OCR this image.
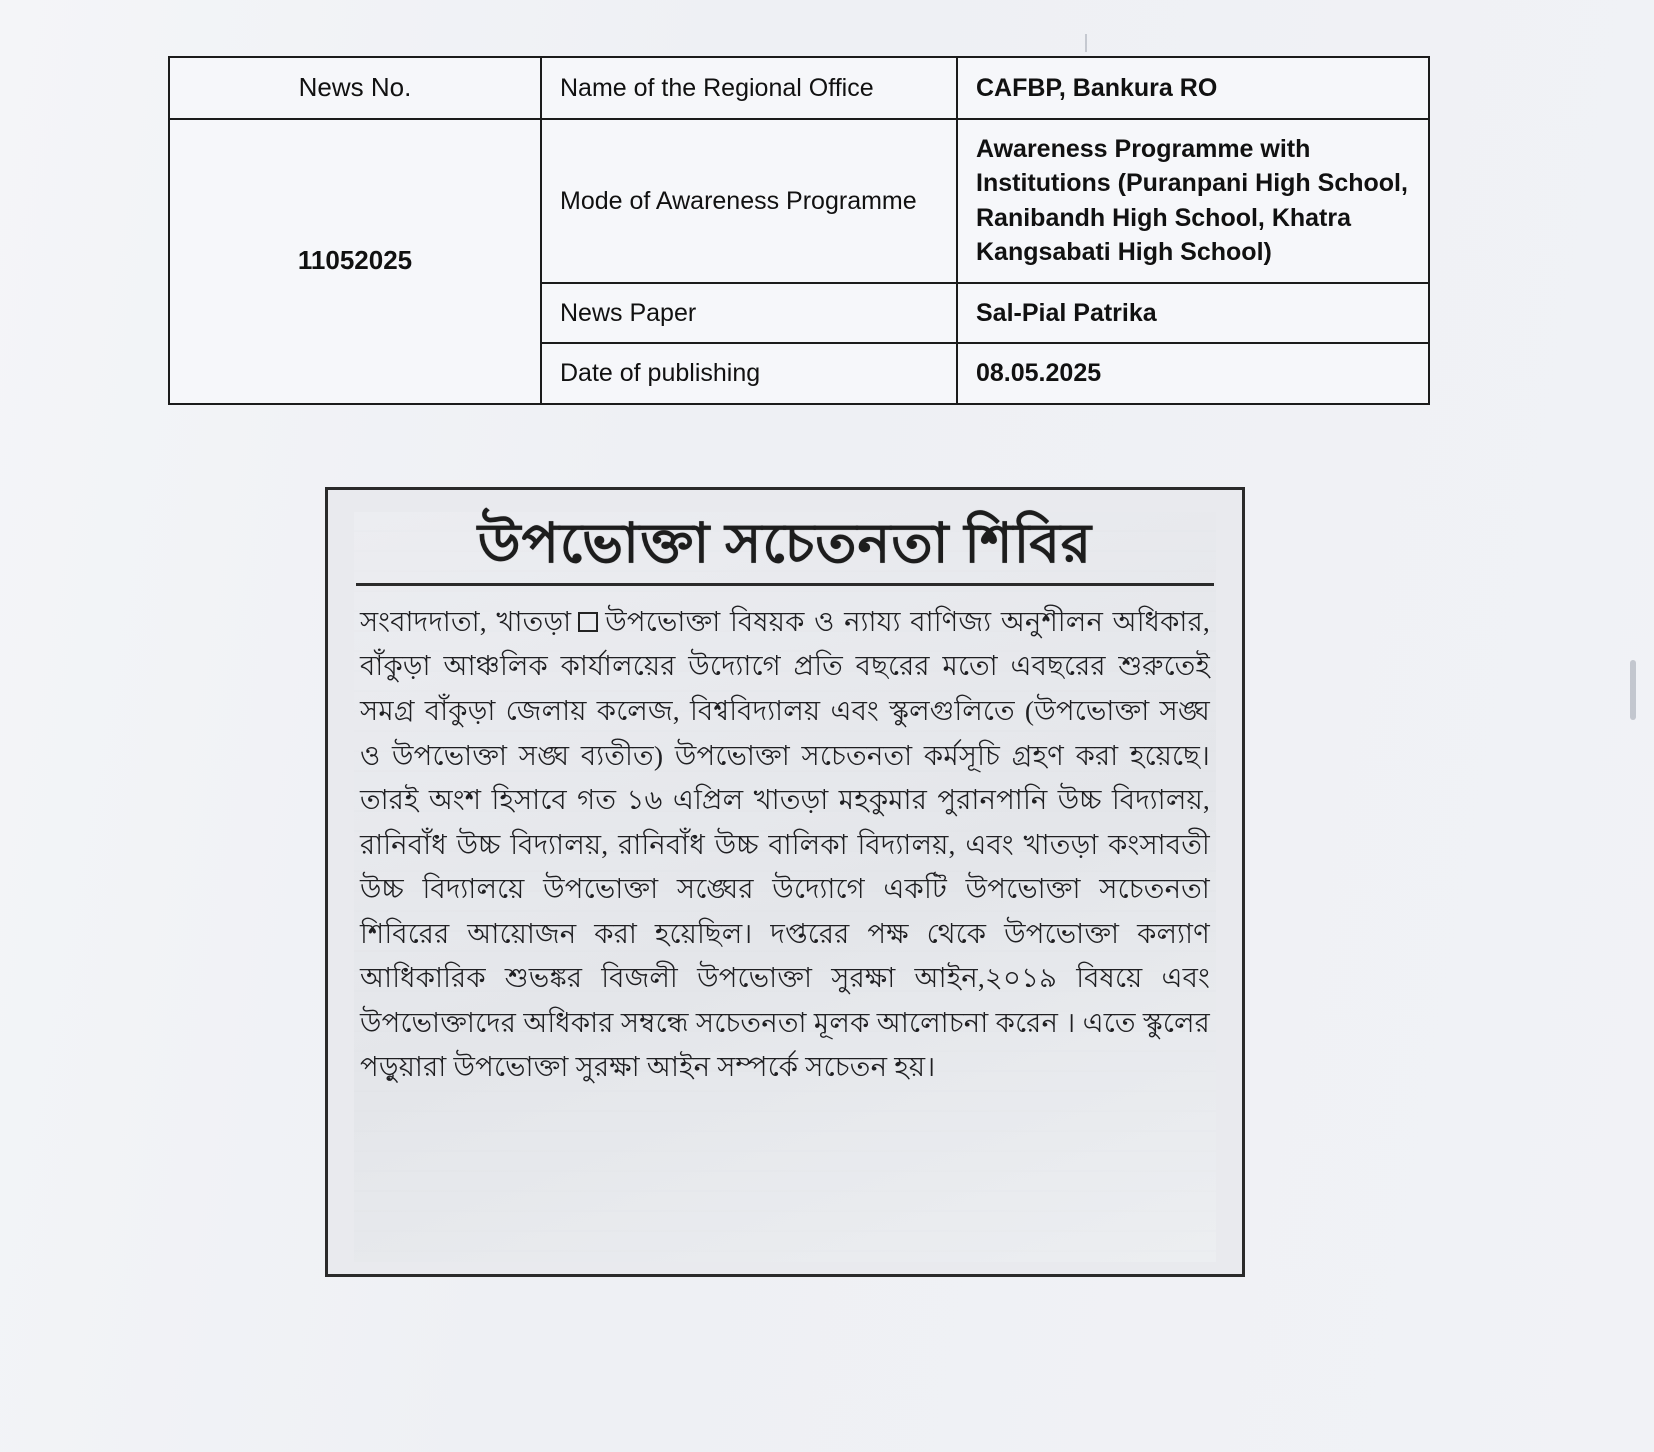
News No.	Name of the Regional Office	CAFBP, Bankura RO
11052025	Mode of Awareness Programme	Awareness Programme with Institutions (Puranpani High School, Ranibandh High School, Khatra Kangsabati High School)
	News Paper	Sal-Pial Patrika
	Date of publishing	08.05.2025
উপভোক্তা সচেতনতা শিবির
সংবাদদাতা, খাতড়া উপভোক্তা বিষয়ক ও ন্যায্য বাণিজ্য অনুশীলন অধিকার, বাঁকুড়া আঞ্চলিক কার্যালয়ের উদ্যোগে প্রতি বছরের মতো এবছরের শুরুতেই সমগ্র বাঁকুড়া জেলায় কলেজ, বিশ্ববিদ্যালয় এবং স্কুলগুলিতে (উপভোক্তা সঙ্ঘ ও উপভোক্তা সঙ্ঘ ব্যতীত) উপভোক্তা সচেতনতা কর্মসূচি গ্রহণ করা হয়েছে। তারই অংশ হিসাবে গত ১৬ এপ্রিল খাতড়া মহকুমার পুরানপানি উচ্চ বিদ্যালয়, রানিবাঁধ উচ্চ বিদ্যালয়, রানিবাঁধ উচ্চ বালিকা বিদ্যালয়, এবং খাতড়া কংসাবতী উচ্চ বিদ্যালয়ে উপভোক্তা সঙ্ঘের উদ্যোগে একটি উপভোক্তা সচেতনতা শিবিরের আয়োজন করা হয়েছিল। দপ্তরের পক্ষ থেকে উপভোক্তা কল্যাণ আধিকারিক শুভঙ্কর বিজলী উপভোক্তা সুরক্ষা আইন,২০১৯ বিষয়ে এবং উপভোক্তাদের অধিকার সম্বন্ধে সচেতনতা মূলক আলোচনা করেন । এতে স্কুলের পড়ুয়ারা উপভোক্তা সুরক্ষা আইন সম্পর্কে সচেতন হয়।
